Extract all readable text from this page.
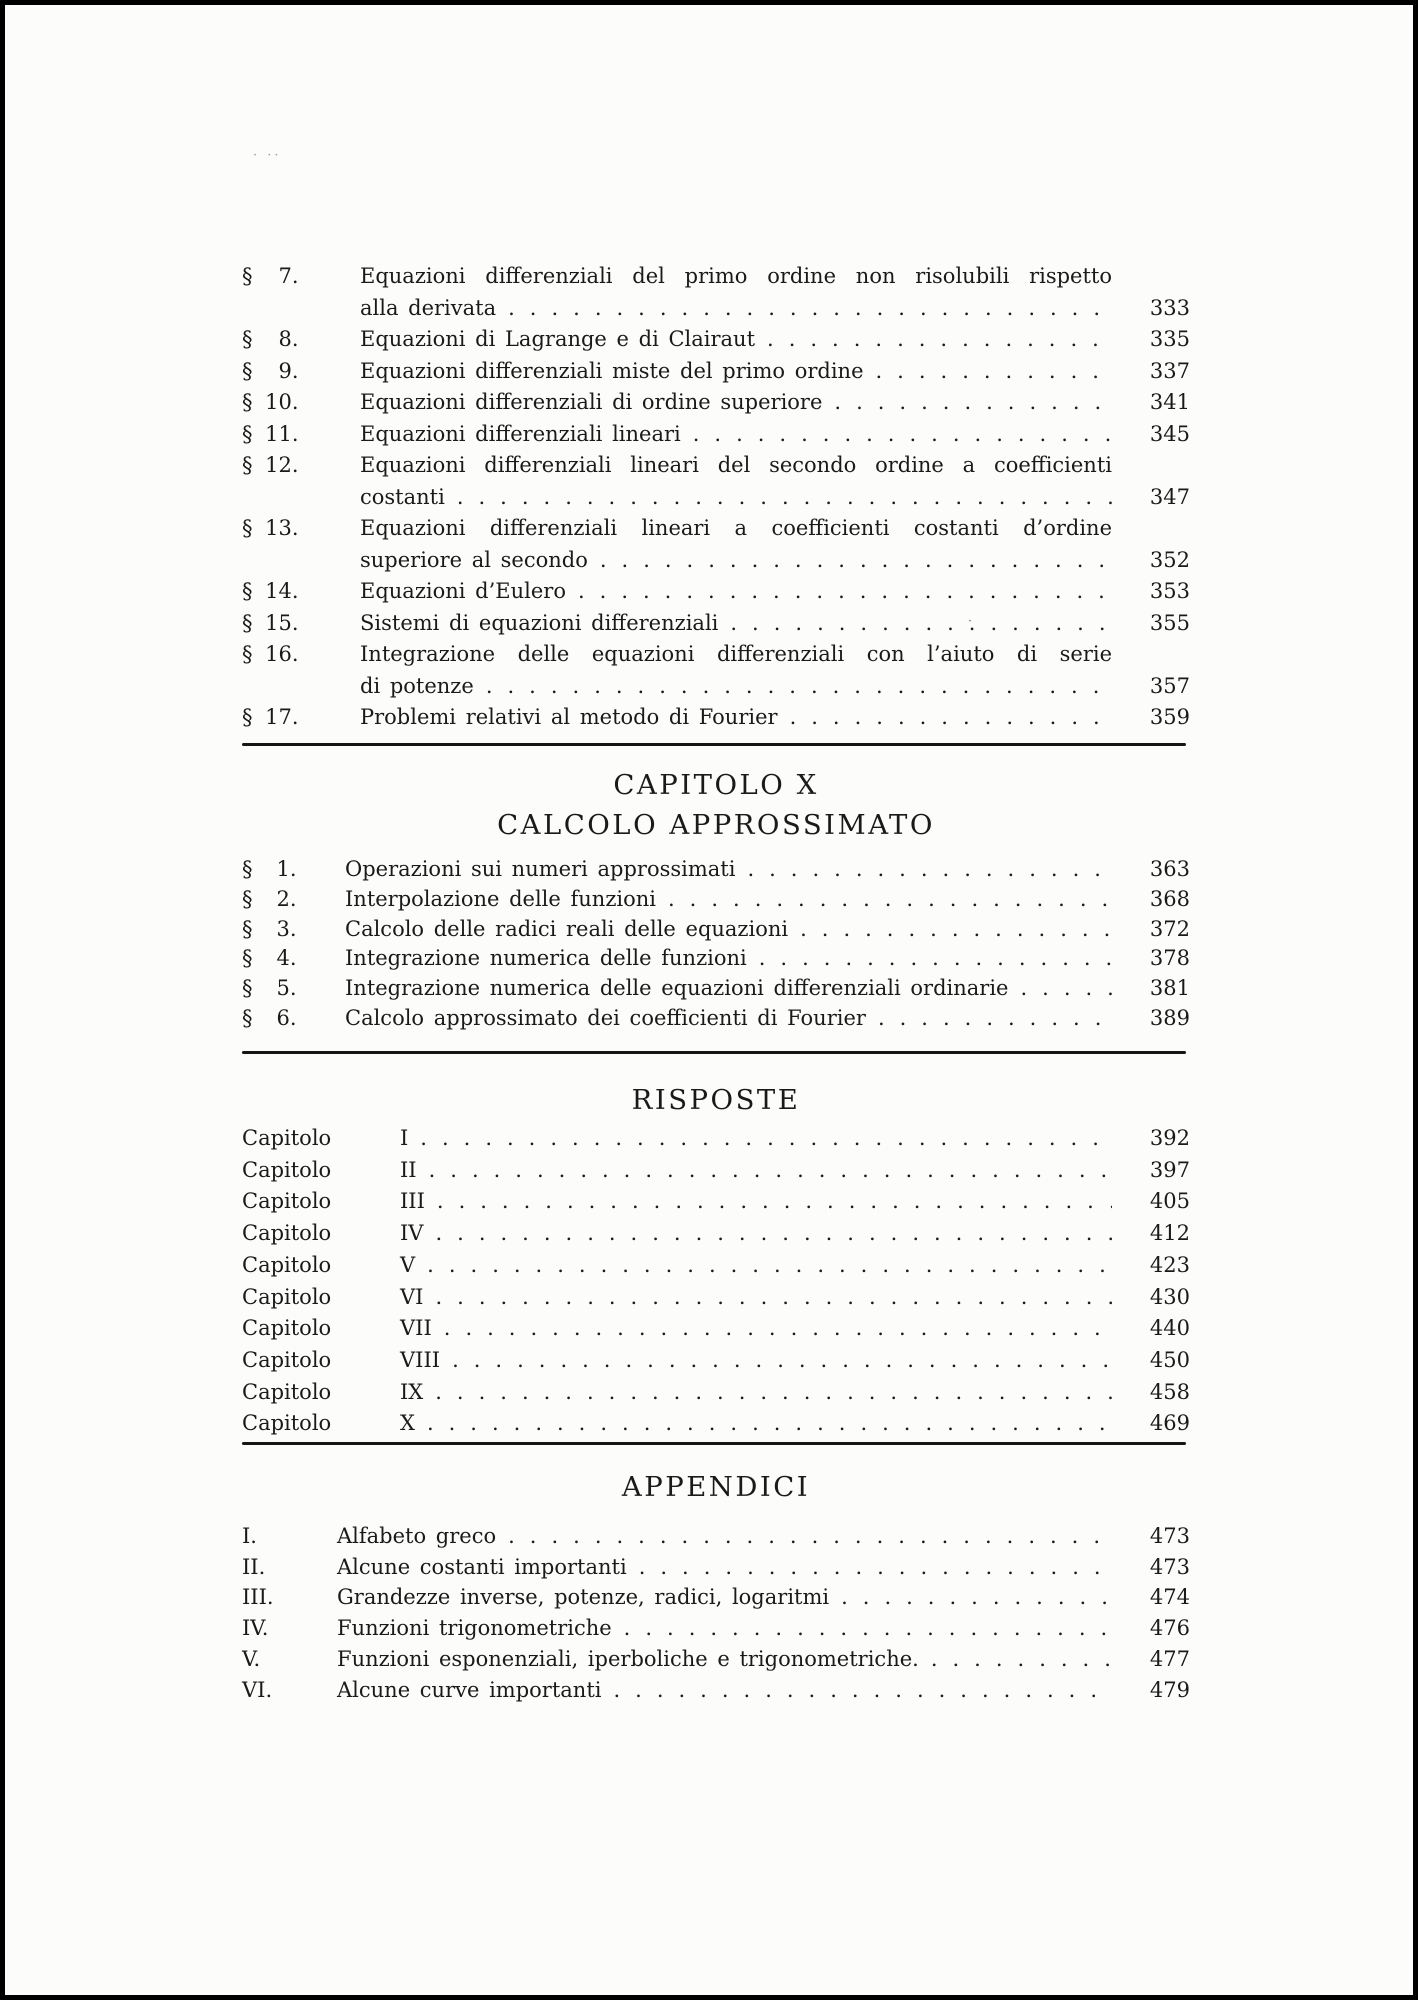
· ··
·
§	7.	Equazioni differenziali del primo ordine non risolubili rispetto
alla derivata .....	333
§	8.	Equazioni di Lagrange e di Clairaut .....	335
§	9.	Equazioni differenziali miste del primo ordine .....	337
§ 10.	Equazioni differenziali di ordine superiore .....	341
§ 11.	Equazioni differenziali lineari .....	345
§ 12.	Equazioni differenziali lineari del secondo ordine a coefficienti
costanti .....	347
§ 13.	Equazioni differenziali lineari a coefficienti costanti d’ordine
superiore al secondo .....	352
§ 14.	Equazioni d’Eulero .....	353
§ 15.	Sistemi di equazioni differenziali .....	355
§ 16.	Integrazione delle equazioni differenziali con l’aiuto di serie
di potenze .....	357
§ 17.	Problemi relativi al metodo di Fourier .....	359
CAPITOLO X
CALCOLO APPROSSIMATO
§	1. Operazioni sui numeri approssimati .....	363
§	2. Interpolazione delle funzioni .....	368
§	3. Calcolo delle radici reali delle equazioni .....	372
§	4. Integrazione numerica delle funzioni .....	378
§	5. Integrazione numerica delle equazioni differenziali ordinarie .....	381
§	6. Calcolo approssimato dei coefficienti di Fourier .....	389
RISPOSTE
Capitolo	I .....	392
Capitolo	II .....	397
Capitolo	III .....	405
Capitolo	IV .....	412
Capitolo	V .....	423
Capitolo	VI .....	430
Capitolo	VII .....	440
Capitolo	VIII .....	450
Capitolo	IX .....	458
Capitolo	X .....	469
APPENDICI
I.	Alfabeto greco .....	473
II.	Alcune costanti importanti .....	473
III.	Grandezze inverse, potenze, radici, logaritmi .....	474
IV.	Funzioni trigonometriche .....	476
V.	Funzioni esponenziali, iperboliche e trigonometriche. .....	477
VI.	Alcune curve importanti .....	479
